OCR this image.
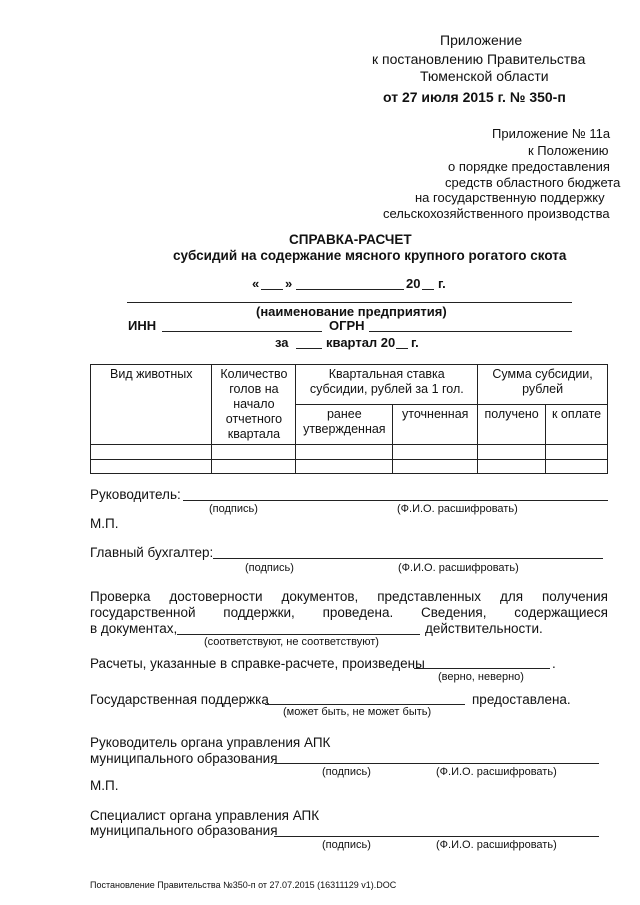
Приложение
к постановлению Правительства
Тюменской области
от 27 июля 2015 г. № 350-п
Приложение № 11а
к Положению
о порядке предоставления
средств областного бюджета
на государственную поддержку
сельскохозяйственного производства
СПРАВКА-РАСЧЕТ
субсидий на содержание мясного крупного рогатого скота
« »	20 г.
(наименование предприятия)
ИНН	ОГРН
за	квартал 20 г.
Вид животных	Количество голов на начало отчетного квартала	Квартальная ставка субсидии, рублей за 1 гол.		Сумма субсидии, рублей	
		ранее утвержденная	уточненная	получено	к оплате

Руководитель:
(подпись)	(Ф.И.О. расшифровать)
М.П.
Главный бухгалтер:
(подпись)	(Ф.И.О. расшифровать)
Проверка достоверности документов, представленных для получения
государственной поддержки, проведена. Сведения, содержащиеся
в документах,	действительности.
(соответствуют, не соответствуют)
Расчеты, указанные в справке-расчете, произведены	.
(верно, неверно)
Государственная поддержка	предоставлена.
(может быть, не может быть)
Руководитель органа управления АПК
муниципального образования
(подпись)	(Ф.И.О. расшифровать)
М.П.
Специалист органа управления АПК
муниципального образования
(подпись)	(Ф.И.О. расшифровать)
Постановление Правительства №350-п от 27.07.2015 (16311129 v1).DOC
